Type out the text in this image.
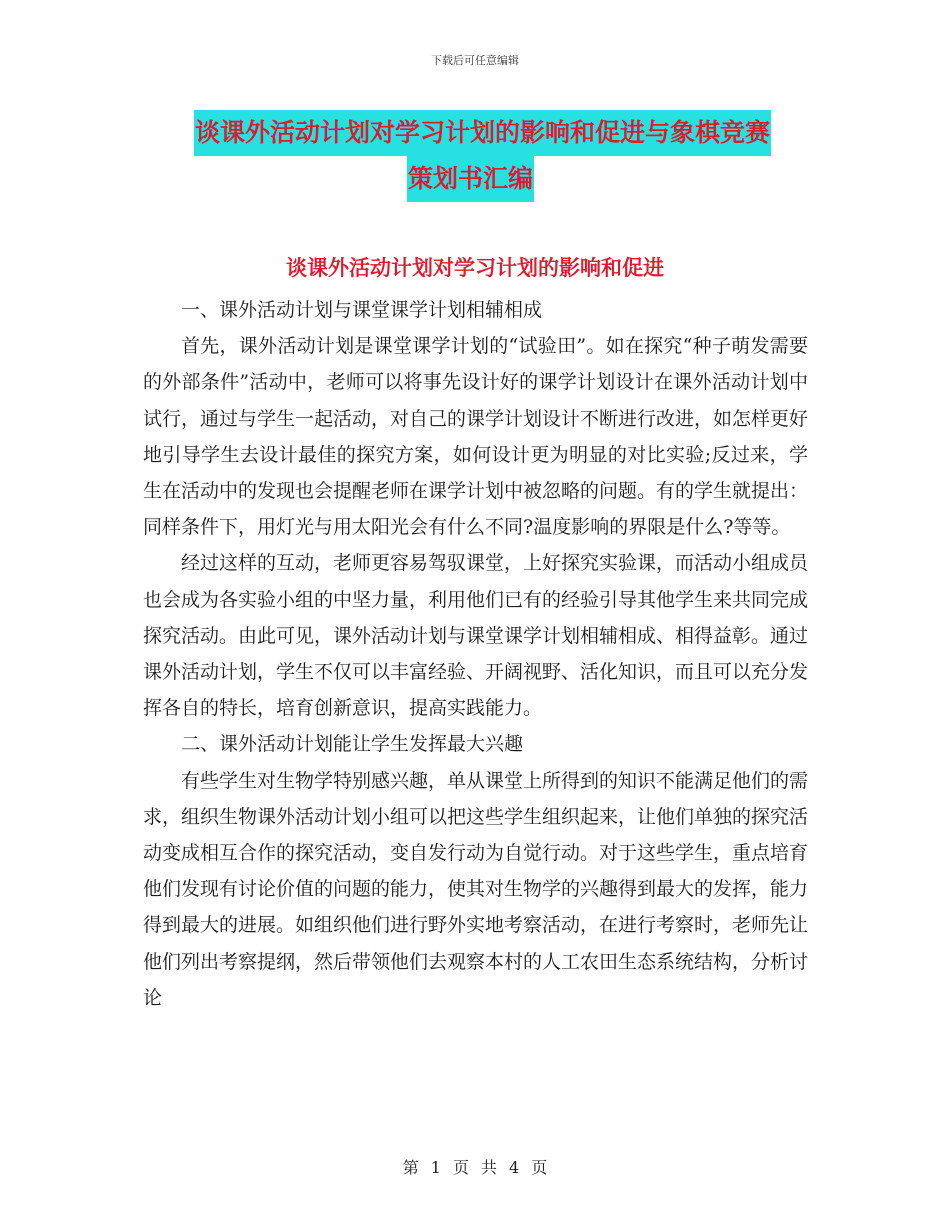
下载后可任意编辑
谈课外活动计划对学习计划的影响和促进与象棋竞赛
策划书汇编
谈课外活动计划对学习计划的影响和促进

一、课外活动计划与课堂课学计划相辅相成

首先，课外活动计划是课堂课学计划的“试验田”。如在探究“种子萌发需要的外部条件”活动中，老师可以将事先设计好的课学计划设计在课外活动计划中试行，通过与学生一起活动，对自己的课学计划设计不断进行改进，如怎样更好地引导学生去设计最佳的探究方案，如何设计更为明显的对比实验;反过来，学生在活动中的发现也会提醒老师在课学计划中被忽略的问题。有的学生就提出：同样条件下，用灯光与用太阳光会有什么不同?温度影响的界限是什么?等等。

经过这样的互动，老师更容易驾驭课堂，上好探究实验课，而活动小组成员也会成为各实验小组的中坚力量，利用他们已有的经验引导其他学生来共同完成探究活动。由此可见，课外活动计划与课堂课学计划相辅相成、相得益彰。通过课外活动计划，学生不仅可以丰富经验、开阔视野、活化知识，而且可以充分发挥各自的特长，培育创新意识，提高实践能力。

二、课外活动计划能让学生发挥最大兴趣

有些学生对生物学特别感兴趣，单从课堂上所得到的知识不能满足他们的需求，组织生物课外活动计划小组可以把这些学生组织起来，让他们单独的探究活动变成相互合作的探究活动，变自发行动为自觉行动。对于这些学生，重点培育他们发现有讨论价值的问题的能力，使其对生物学的兴趣得到最大的发挥，能力得到最大的进展。如组织他们进行野外实地考察活动，在进行考察时，老师先让他们列出考察提纲，然后带领他们去观察本村的人工农田生态系统结构，分析讨论

第 1 页 共 4 页
